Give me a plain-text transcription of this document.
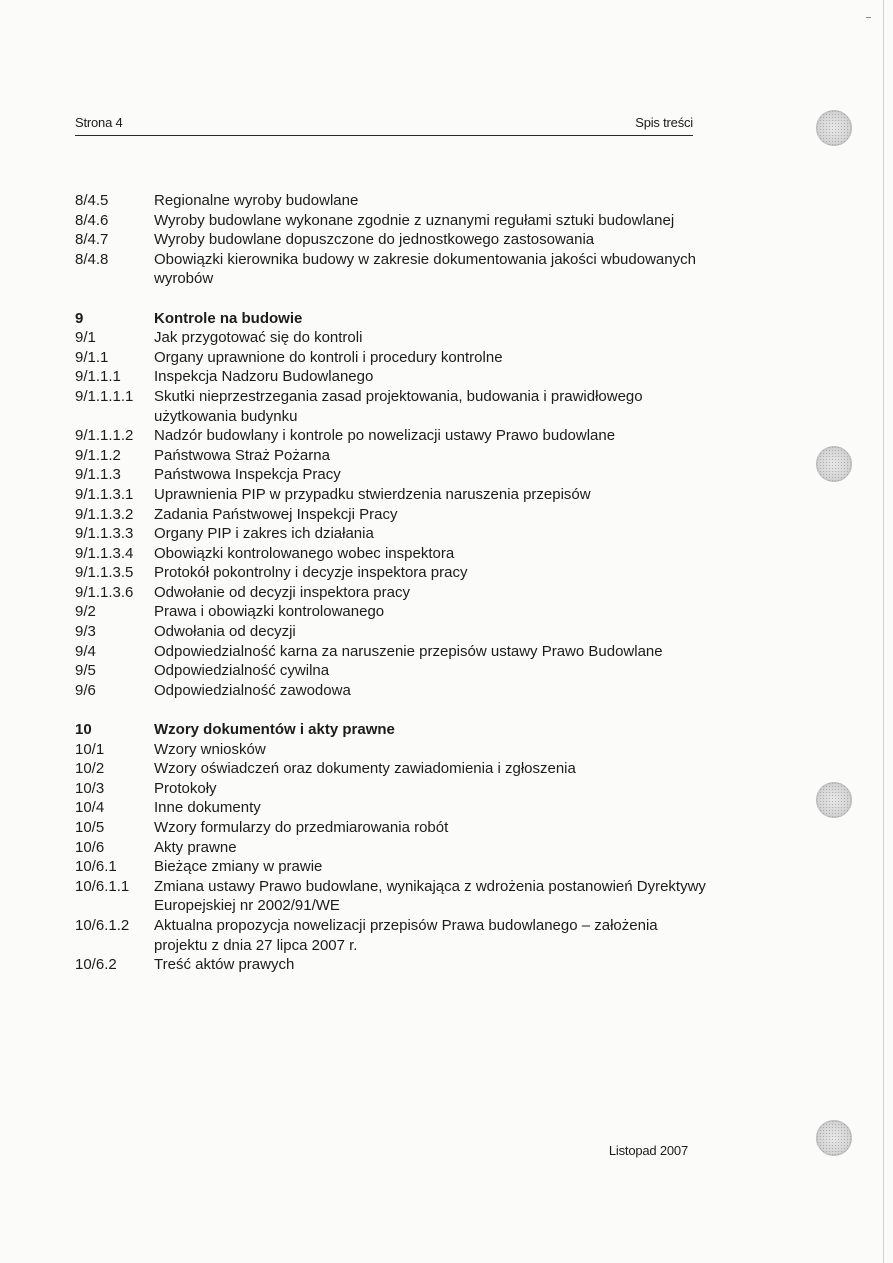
Strona 4	Spis treści
8/4.5	Regionalne wyroby budowlane
8/4.6	Wyroby budowlane wykonane zgodnie z uznanymi regułami sztuki budowlanej
8/4.7	Wyroby budowlane dopuszczone do jednostkowego zastosowania
8/4.8	Obowiązki kierownika budowy w zakresie dokumentowania jakości wbudowanych wyrobów
9	Kontrole na budowie
9/1	Jak przygotować się do kontroli
9/1.1	Organy uprawnione do kontroli i procedury kontrolne
9/1.1.1	Inspekcja Nadzoru Budowlanego
9/1.1.1.1	Skutki nieprzestrzegania zasad projektowania, budowania i prawidłowego użytkowania budynku
9/1.1.1.2	Nadzór budowlany i kontrole po nowelizacji ustawy Prawo budowlane
9/1.1.2	Państwowa Straż Pożarna
9/1.1.3	Państwowa Inspekcja Pracy
9/1.1.3.1	Uprawnienia PIP w przypadku stwierdzenia naruszenia przepisów
9/1.1.3.2	Zadania Państwowej Inspekcji Pracy
9/1.1.3.3	Organy PIP i zakres ich działania
9/1.1.3.4	Obowiązki kontrolowanego wobec inspektora
9/1.1.3.5	Protokół pokontrolny i decyzje inspektora pracy
9/1.1.3.6	Odwołanie od decyzji inspektora pracy
9/2	Prawa i obowiązki kontrolowanego
9/3	Odwołania od decyzji
9/4	Odpowiedzialność karna za naruszenie przepisów ustawy Prawo Budowlane
9/5	Odpowiedzialność cywilna
9/6	Odpowiedzialność zawodowa
10	Wzory dokumentów i akty prawne
10/1	Wzory wniosków
10/2	Wzory oświadczeń oraz dokumenty zawiadomienia i zgłoszenia
10/3	Protokoły
10/4	Inne dokumenty
10/5	Wzory formularzy do przedmiarowania robót
10/6	Akty prawne
10/6.1	Bieżące zmiany w prawie
10/6.1.1	Zmiana ustawy Prawo budowlane, wynikająca z wdrożenia postanowień Dyrektywy Europejskiej nr 2002/91/WE
10/6.1.2	Aktualna propozycja nowelizacji przepisów Prawa budowlanego – założenia projektu z dnia 27 lipca 2007 r.
10/6.2	Treść aktów prawych
Listopad 2007
